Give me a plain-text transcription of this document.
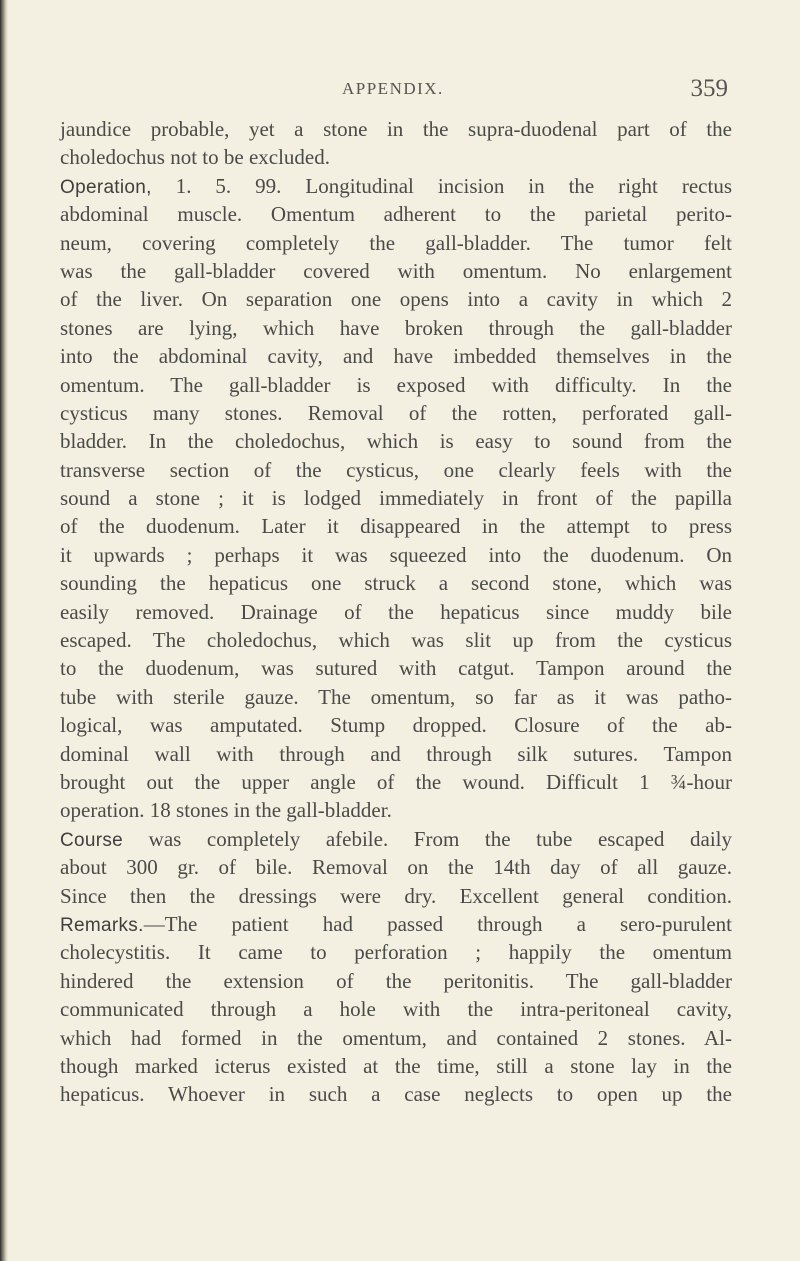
APPENDIX.	359
jaundice probable, yet a stone in the supra-duodenal part of the
choledochus not to be excluded.
Operation, 1. 5. 99. Longitudinal incision in the right rectus
abdominal muscle. Omentum adherent to the parietal perito-
neum, covering completely the gall-bladder. The tumor felt
was the gall-bladder covered with omentum. No enlargement
of the liver. On separation one opens into a cavity in which 2
stones are lying, which have broken through the gall-bladder
into the abdominal cavity, and have imbedded themselves in the
omentum. The gall-bladder is exposed with difficulty. In the
cysticus many stones. Removal of the rotten, perforated gall-
bladder. In the choledochus, which is easy to sound from the
transverse section of the cysticus, one clearly feels with the
sound a stone ; it is lodged immediately in front of the papilla
of the duodenum. Later it disappeared in the attempt to press
it upwards ; perhaps it was squeezed into the duodenum. On
sounding the hepaticus one struck a second stone, which was
easily removed. Drainage of the hepaticus since muddy bile
escaped. The choledochus, which was slit up from the cysticus
to the duodenum, was sutured with catgut. Tampon around the
tube with sterile gauze. The omentum, so far as it was patho-
logical, was amputated. Stump dropped. Closure of the ab-
dominal wall with through and through silk sutures. Tampon
brought out the upper angle of the wound. Difficult 1 ¾-hour
operation. 18 stones in the gall-bladder.
Course was completely afebile. From the tube escaped daily
about 300 gr. of bile. Removal on the 14th day of all gauze.
Since then the dressings were dry. Excellent general condition.
Remarks.—The patient had passed through a sero-purulent
cholecystitis. It came to perforation ; happily the omentum
hindered the extension of the peritonitis. The gall-bladder
communicated through a hole with the intra-peritoneal cavity,
which had formed in the omentum, and contained 2 stones. Al-
though marked icterus existed at the time, still a stone lay in the
hepaticus. Whoever in such a case neglects to open up the
